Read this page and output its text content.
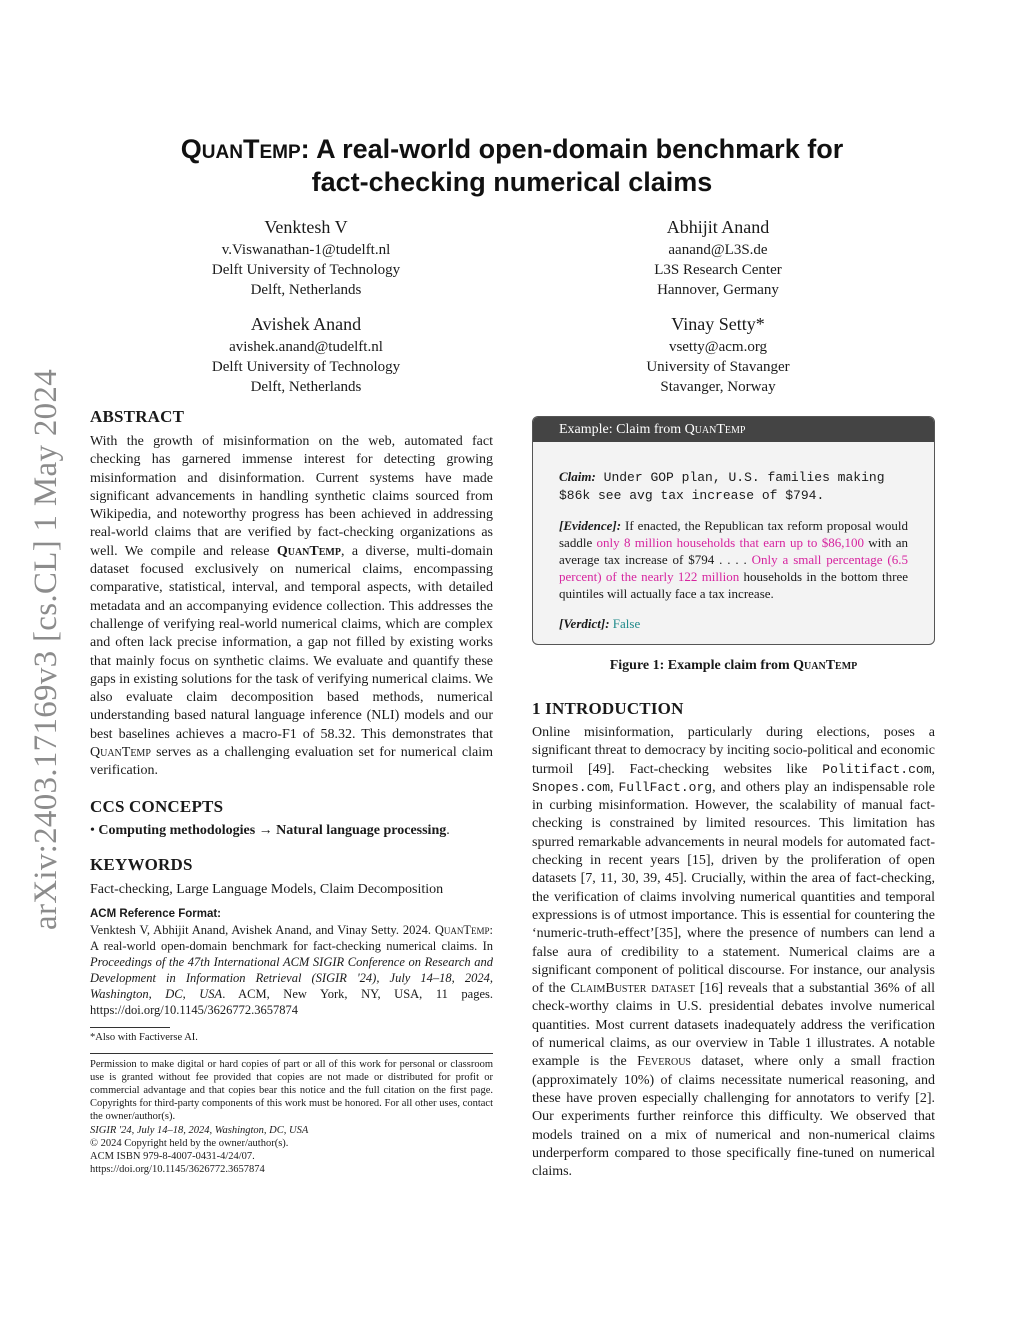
arXiv:2403.17169v3 [cs.CL] 1 May 2024
QuanTemp: A real-world open-domain benchmark for
fact-checking numerical claims
Venktesh V
v.Viswanathan-1@tudelft.nl
Delft University of Technology
Delft, Netherlands
Abhijit Anand
aanand@L3S.de
L3S Research Center
Hannover, Germany
Avishek Anand
avishek.anand@tudelft.nl
Delft University of Technology
Delft, Netherlands
Vinay Setty*
vsetty@acm.org
University of Stavanger
Stavanger, Norway
ABSTRACT

With the growth of misinformation on the web, automated fact checking has garnered immense interest for detecting growing misinformation and disinformation. Current systems have made significant advancements in handling synthetic claims sourced from Wikipedia, and noteworthy progress has been achieved in addressing real-world claims that are verified by fact-checking organizations as well. We compile and release QuanTemp, a diverse, multi-domain dataset focused exclusively on numerical claims, encompassing comparative, statistical, interval, and temporal aspects, with detailed metadata and an accompanying evidence collection. This addresses the challenge of verifying real-world numerical claims, which are complex and often lack precise information, a gap not filled by existing works that mainly focus on synthetic claims. We evaluate and quantify these gaps in existing solutions for the task of verifying numerical claims. We also evaluate claim decomposition based methods, numerical understanding based natural language inference (NLI) models and our best baselines achieves a macro-F1 of 58.32. This demonstrates that QuanTemp serves as a challenging evaluation set for numerical claim verification.

CCS CONCEPTS
• Computing methodologies → Natural language processing.
KEYWORDS
Fact-checking, Large Language Models, Claim Decomposition
ACM Reference Format:
Venktesh V, Abhijit Anand, Avishek Anand, and Vinay Setty. 2024. QuanTemp: A real-world open-domain benchmark for fact-checking numerical claims. In Proceedings of the 47th International ACM SIGIR Conference on Research and Development in Information Retrieval (SIGIR '24), July 14–18, 2024, Washington, DC, USA. ACM, New York, NY, USA, 11 pages. https://doi.org/10.1145/3626772.3657874
*Also with Factiverse AI.
Permission to make digital or hard copies of part or all of this work for personal or classroom use is granted without fee provided that copies are not made or distributed for profit or commercial advantage and that copies bear this notice and the full citation on the first page. Copyrights for third-party components of this work must be honored. For all other uses, contact the owner/author(s).
SIGIR '24, July 14–18, 2024, Washington, DC, USA
© 2024 Copyright held by the owner/author(s).
ACM ISBN 979-8-4007-0431-4/24/07.
https://doi.org/10.1145/3626772.3657874
Example: Claim from QuanTemp
Claim: Under GOP plan, U.S. families making $86k see avg tax increase of $794.
[Evidence]: If enacted, the Republican tax reform proposal would saddle only 8 million households that earn up to $86,100 with an average tax increase of $794 . . . . Only a small percentage (6.5 percent) of the nearly 122 million households in the bottom three quintiles will actually face a tax increase.
[Verdict]: False
Figure 1: Example claim from QuanTemp
1 INTRODUCTION

Online misinformation, particularly during elections, poses a significant threat to democracy by inciting socio-political and economic turmoil [49]. Fact-checking websites like Politifact.com, Snopes.com, FullFact.org, and others play an indispensable role in curbing misinformation. However, the scalability of manual fact-checking is constrained by limited resources. This limitation has spurred remarkable advancements in neural models for automated fact-checking in recent years [15], driven by the proliferation of open datasets [7, 11, 30, 39, 45]. Crucially, within the area of fact-checking, the verification of claims involving numerical quantities and temporal expressions is of utmost importance. This is essential for countering the ‘numeric-truth-effect’[35], where the presence of numbers can lend a false aura of credibility to a statement. Numerical claims are a significant component of political discourse. For instance, our analysis of the ClaimBuster dataset [16] reveals that a substantial 36% of all check-worthy claims in U.S. presidential debates involve numerical quantities. Most current datasets inadequately address the verification of numerical claims, as our overview in Table 1 illustrates. A notable example is the Feverous dataset, where only a small fraction (approximately 10%) of claims necessitate numerical reasoning, and these have proven especially challenging for annotators to verify [2]. Our experiments further reinforce this difficulty. We observed that models trained on a mix of numerical and non-numerical claims underperform compared to those specifically fine-tuned on numerical claims.
